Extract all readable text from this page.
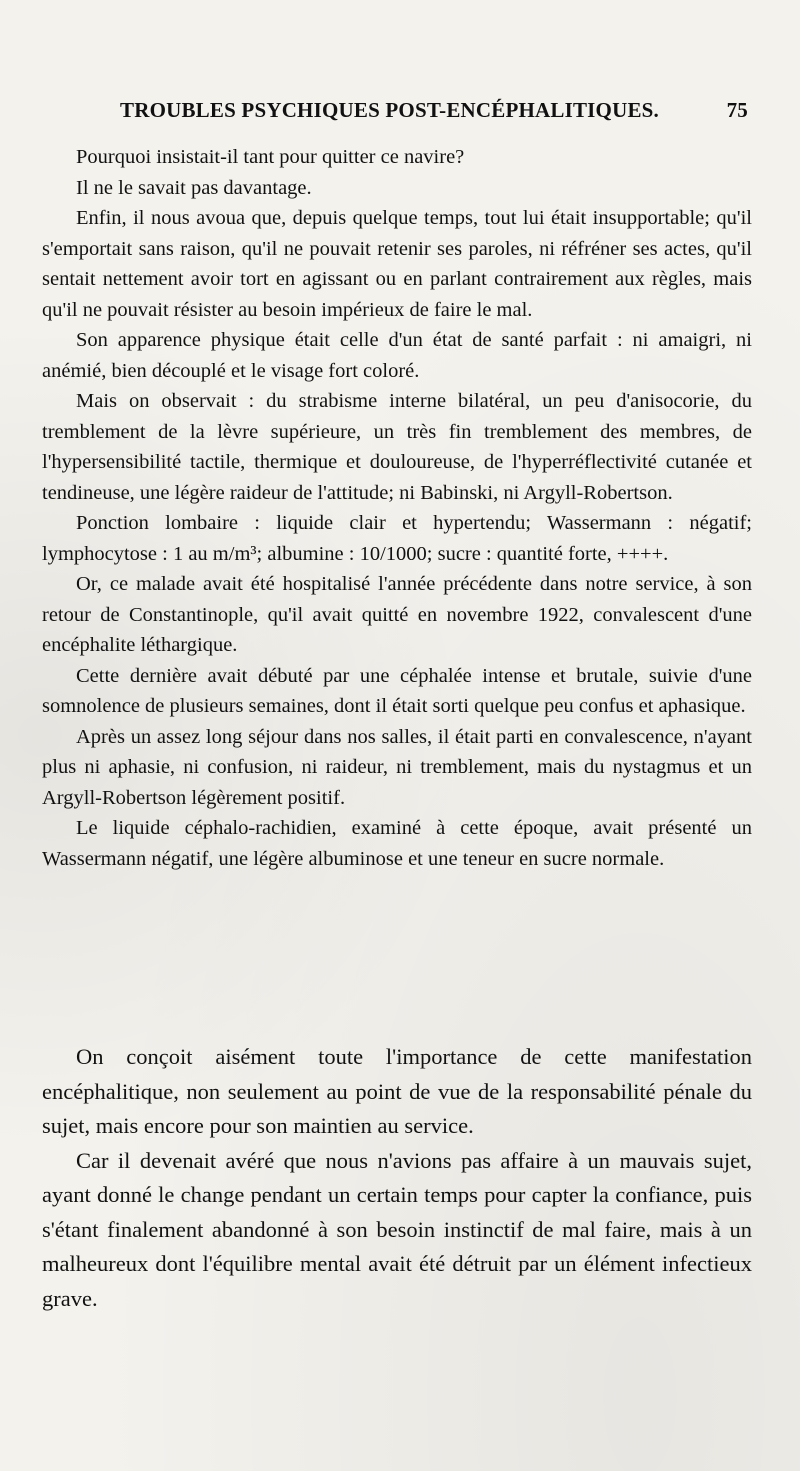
TROUBLES PSYCHIQUES POST-ENCÉPHALITIQUES.	75

Pourquoi insistait-il tant pour quitter ce navire?

Il ne le savait pas davantage.

Enfin, il nous avoua que, depuis quelque temps, tout lui était insupportable; qu'il s'emportait sans raison, qu'il ne pouvait retenir ses paroles, ni réfréner ses actes, qu'il sentait nettement avoir tort en agissant ou en parlant contrairement aux règles, mais qu'il ne pouvait résister au besoin impérieux de faire le mal.

Son apparence physique était celle d'un état de santé parfait : ni amaigri, ni anémié, bien découplé et le visage fort coloré.

Mais on observait : du strabisme interne bilatéral, un peu d'anisocorie, du tremblement de la lèvre supérieure, un très fin tremblement des membres, de l'hypersensibilité tactile, thermique et douloureuse, de l'hyperréflectivité cutanée et tendineuse, une légère raideur de l'attitude; ni Babinski, ni Argyll-Robertson.

Ponction lombaire : liquide clair et hypertendu; Wassermann : négatif; lymphocytose : 1 au m/m³; albumine : 10/1000; sucre : quantité forte, ++++.

Or, ce malade avait été hospitalisé l'année précédente dans notre service, à son retour de Constantinople, qu'il avait quitté en novembre 1922, convalescent d'une encéphalite léthargique.

Cette dernière avait débuté par une céphalée intense et brutale, suivie d'une somnolence de plusieurs semaines, dont il était sorti quelque peu confus et aphasique.

Après un assez long séjour dans nos salles, il était parti en convalescence, n'ayant plus ni aphasie, ni confusion, ni raideur, ni tremblement, mais du nystagmus et un Argyll-Robertson légèrement positif.

Le liquide céphalo-rachidien, examiné à cette époque, avait présenté un Wassermann négatif, une légère albuminose et une teneur en sucre normale.

On conçoit aisément toute l'importance de cette manifestation encéphalitique, non seulement au point de vue de la responsabilité pénale du sujet, mais encore pour son maintien au service.

Car il devenait avéré que nous n'avions pas affaire à un mauvais sujet, ayant donné le change pendant un certain temps pour capter la confiance, puis s'étant finalement abandonné à son besoin instinctif de mal faire, mais à un malheureux dont l'équilibre mental avait été détruit par un élément infectieux grave.
